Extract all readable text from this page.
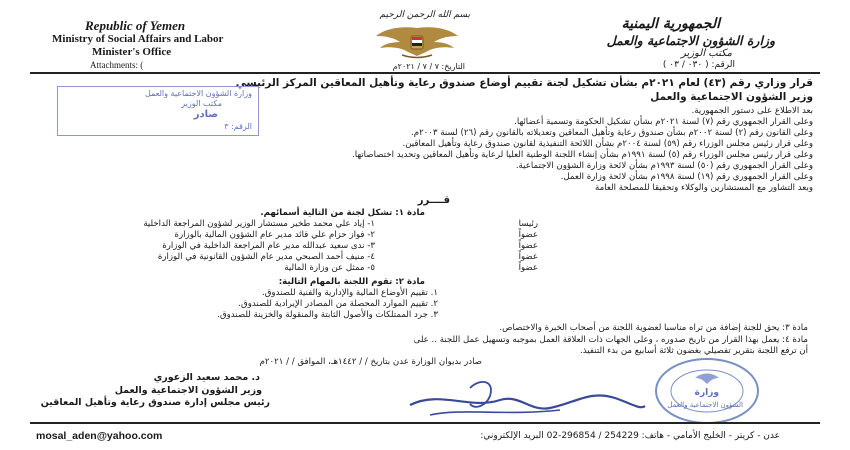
Republic of Yemen
Ministry of Social Affairs and Labor
Minister's Office
Attachments: (
الجمهورية اليمنية
وزارة الشؤون الاجتماعية والعمل
مكتب الوزير
الرقم: ( ٠٣٠ / ٠٣ )
بسم الله الرحمن الرحيم
التاريخ: ٧ / ٧ / ٢٠٢١م
قرار وزاري رقم (٤٣) لعام ٢٠٢١م بشأن تشكيل لجنة تقييم أوضاع صندوق رعاية وتأهيل المعاقين المركز الرئيسي
وزير الشؤون الاجتماعية والعمل
بعد الاطلاع على دستور الجمهورية.
وعلى القرار الجمهوري رقم (٧) لسنة ٢٠٢١م بشأن تشكيل الحكومة وتسمية أعضائها.
وعلى القانون رقم (٢) لسنة ٢٠٠٢م بشأن صندوق رعاية وتأهيل المعاقين وتعديلاته بالقانون رقم (٢٦) لسنة ٢٠٠٣م.
وعلى قرار رئيس مجلس الوزراء رقم (٥٩) لسنة ٢٠٠٤م بشأن اللائحة التنفيذية لقانون صندوق رعاية وتأهيل المعاقين.
وعلى قرار رئيس مجلس الوزراء رقم (٥) لسنة ١٩٩١م بشأن إنشاء اللجنة الوطنية العليا لرعاية وتأهيل المعاقين وتحديد اختصاصاتها.
وعلى القرار الجمهوري رقم (٥٠) لسنة ١٩٩٣م بشأن لائحة وزارة الشؤون الاجتماعية.
وعلى القرار الجمهوري رقم (١٩) لسنة ١٩٩٨م بشأن لائحة وزارة العمل.
وبعد التشاور مع المستشارين والوكلاء وتحقيقا للمصلحة العامة
قــــرر
مادة ١: تشكل لجنة من التالية أسمائهم.
١- إياد علي محمد طخير مستشار الوزير لشؤون المراجعة الداخلية	رئيسا
٢- فواز حزام علي قائد مدير عام الشؤون المالية بالوزارة	عضواً
٣- ندى سعيد عبدالله مدير عام المراجعة الداخلية في الوزارة	عضواً
٤- منيف أحمد الصبحي مدير عام الشؤون القانونية في الوزارة	عضواً
٥- ممثل عن وزارة المالية	عضواً
مادة ٢: تقوم اللجنة بالمهام التالية:
١. تقييم الأوضاع المالية والإدارية والفنية للصندوق.
٢. تقييم الموارد المحصلة من المصادر الإيرادية للصندوق.
٣. جرد الممتلكات والأصول الثابتة والمنقولة والخزينة للصندوق.
مادة ٣: يحق للجنة إضافة من تراه مناسبا لعضوية اللجنة من أصحاب الخبرة والاختصاص.
مادة ٤: يعمل بهذا القرار من تاريخ صدوره ، وعلى الجهات ذات العلاقة العمل بموجبه وتسهيل عمل اللجنة .. على
أن ترفع اللجنة بتقرير تفصيلي بغضون ثلاثة أسابيع من بدء التنفيذ.
صادر بديوان الوزارة عدن بتاريخ / / ١٤٤٢هـ، الموافق / / ٢٠٢١م
د. محمد سعيد الزعوري
وزير الشؤون الاجتماعية والعمل
رئيس مجلس إدارة صندوق رعاية وتأهيل المعاقين
وزارة
الشؤون الاجتماعية والعمل
وزارة الشؤون الاجتماعية والعمل
مكتب الوزير
صادر
الرقم: ٣
mosal_aden@yahoo.com	عدن - كريتر - الخليج الأمامي - هاتف: 254229 / 296854-02 البريد الإلكتروني:
